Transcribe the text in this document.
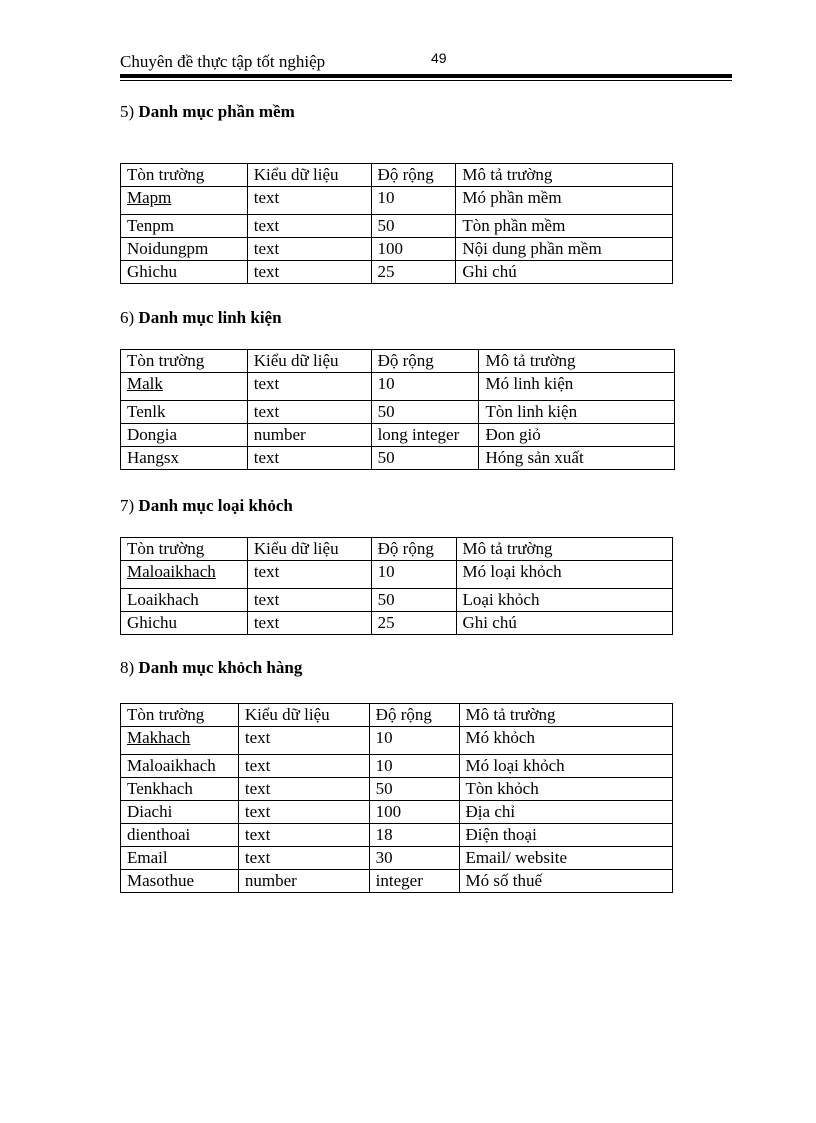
Chuyên đề thực tập tốt nghiệp	49
5) Danh mục phần mềm
Tòn trường	Kiểu dữ liệu	Độ rộng	Mô tả trường
Mapm	text	10	Mó phần mềm
Tenpm	text	50	Tòn phần mềm
Noidungpm	text	100	Nội dung phần mềm
Ghichu	text	25	Ghi chú
6) Danh mục linh kiện
Tòn trường	Kiểu dữ liệu	Độ rộng	Mô tả trường
Malk	text	10	Mó linh kiện
Tenlk	text	50	Tòn linh kiện
Dongia	number	long integer	Đon giỏ
Hangsx	text	50	Hóng sản xuất
7) Danh mục loại khỏch
Tòn trường	Kiểu dữ liệu	Độ rộng	Mô tả trường
Maloaikhach	text	10	Mó loại khỏch
Loaikhach	text	50	Loại khỏch
Ghichu	text	25	Ghi chú
8) Danh mục khỏch hàng
Tòn trường	Kiểu dữ liệu	Độ rộng	Mô tả trường
Makhach	text	10	Mó khỏch
Maloaikhach	text	10	Mó loại khỏch
Tenkhach	text	50	Tòn khỏch
Diachi	text	100	Địa chỉ
dienthoai	text	18	Điện thoại
Email	text	30	Email/ website
Masothue	number	integer	Mó số thuế
